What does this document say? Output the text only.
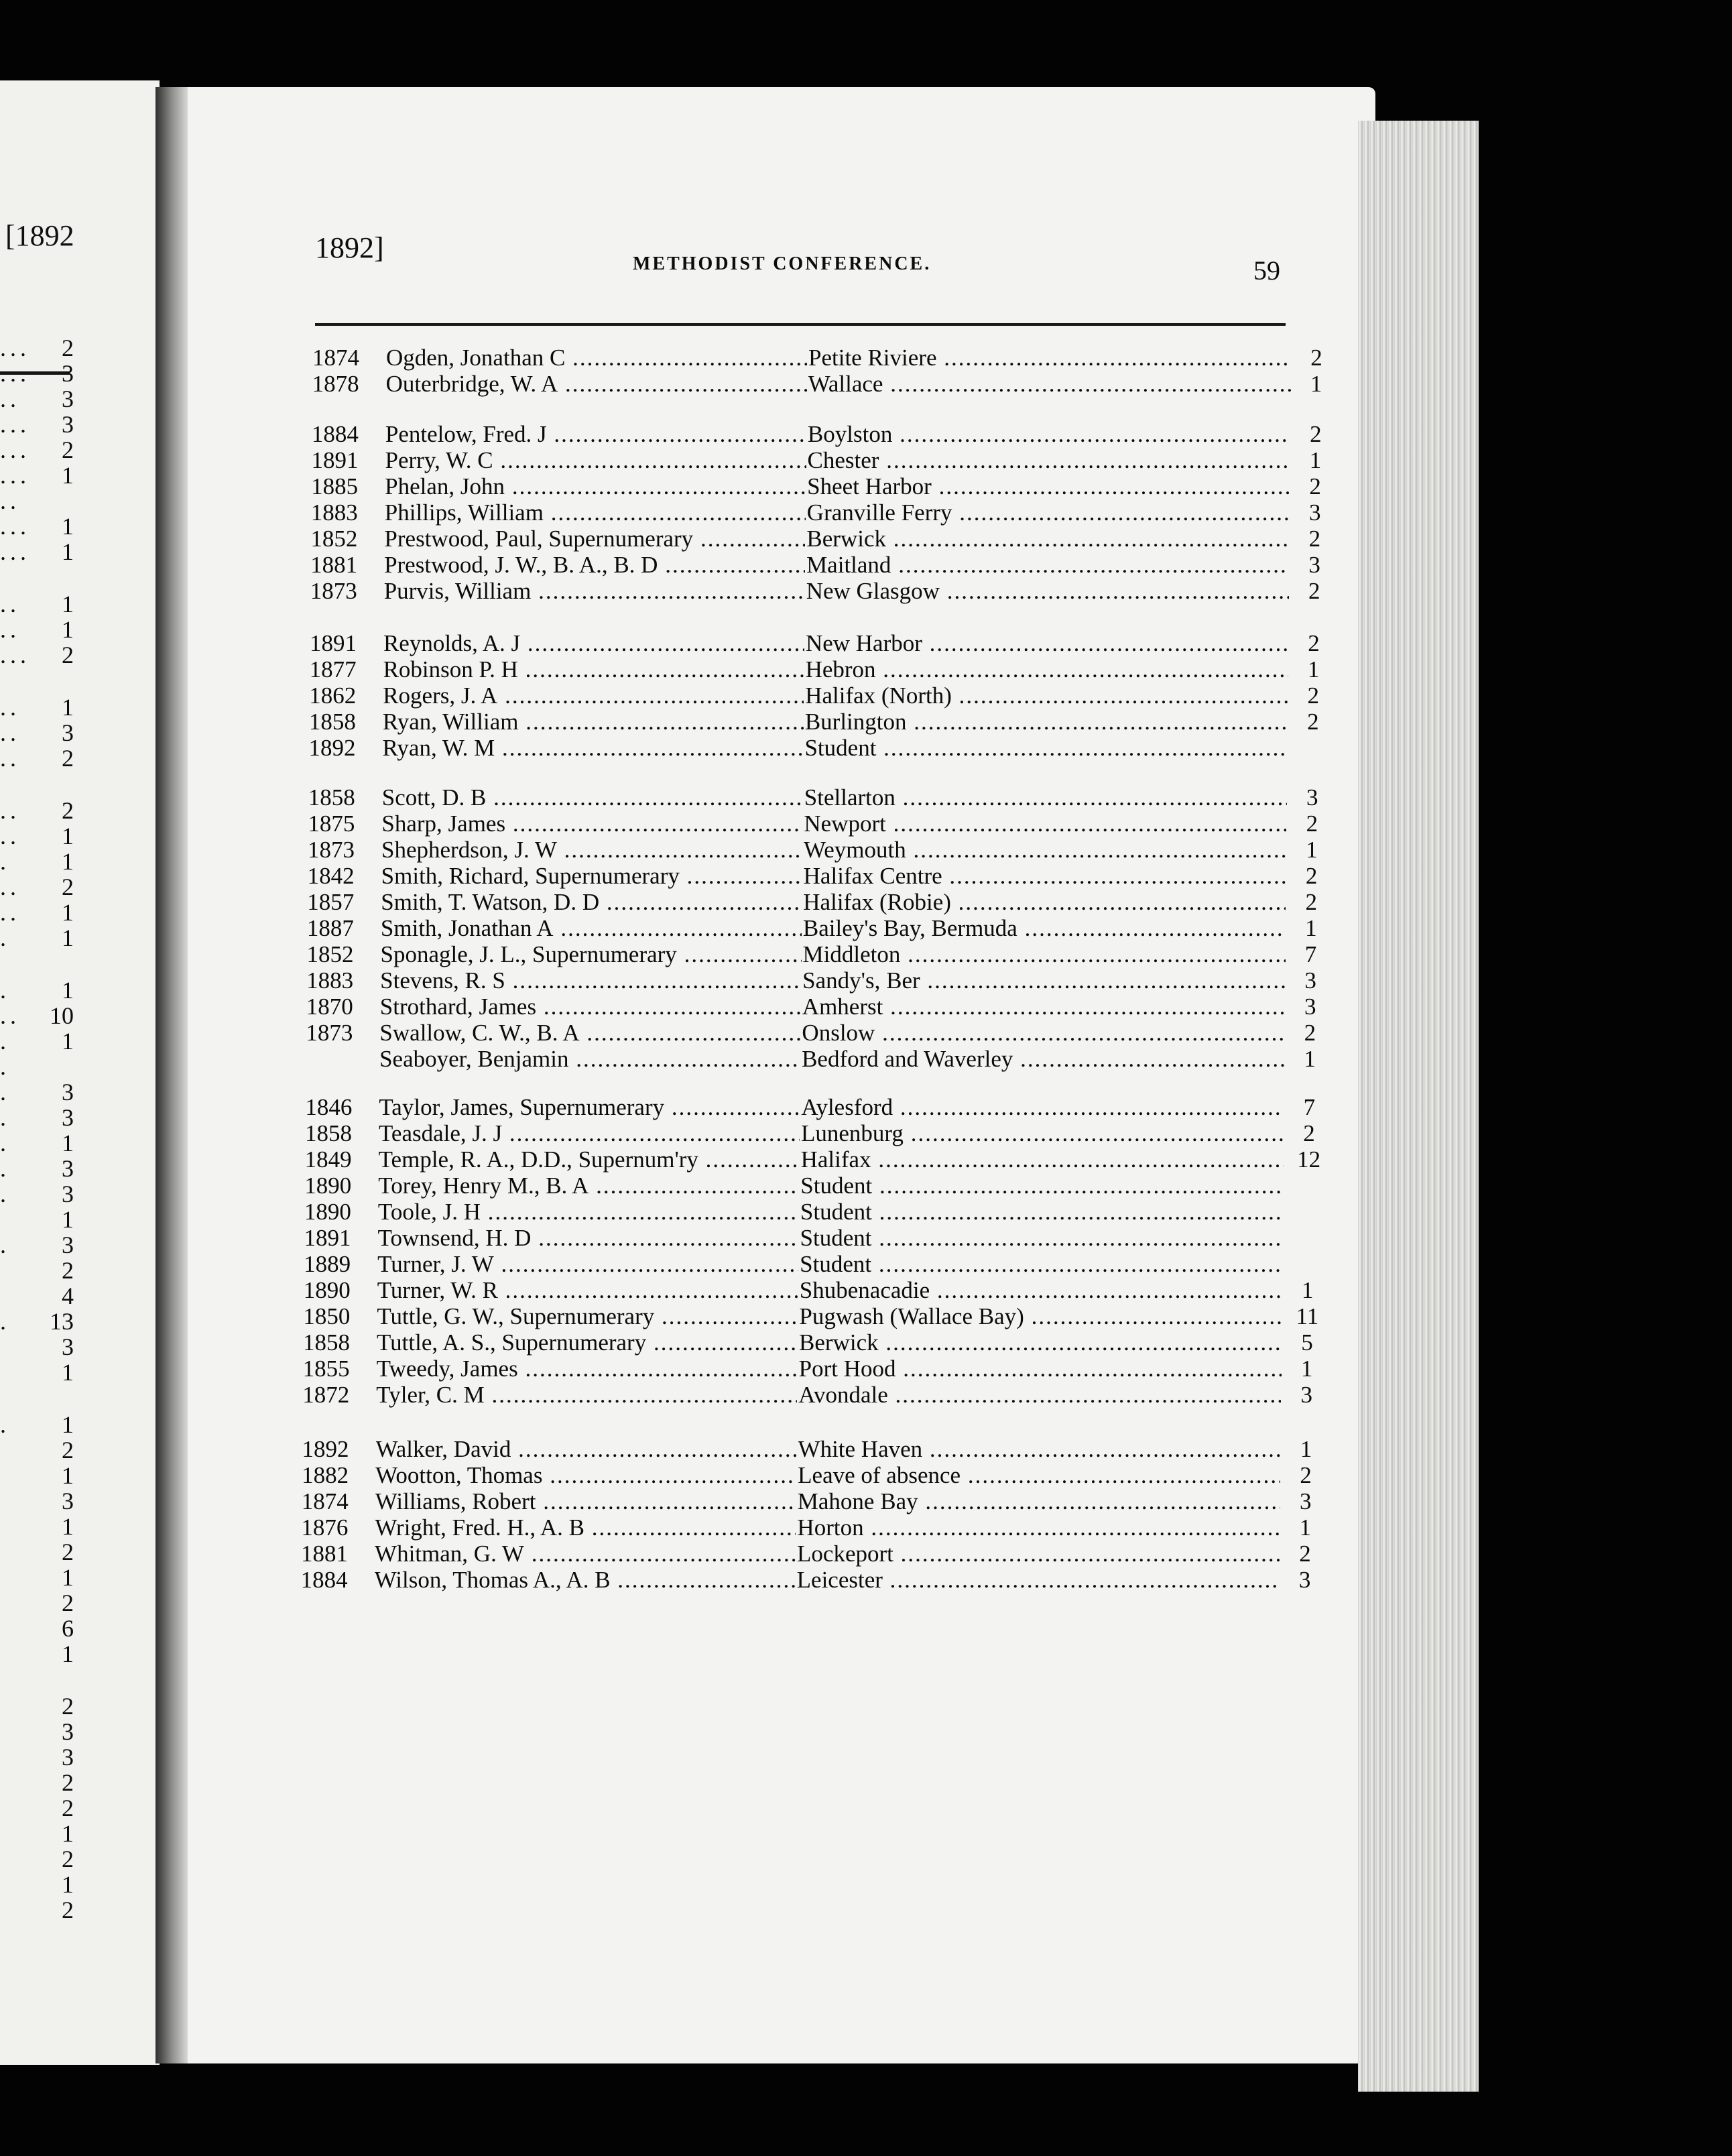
[1892
... 2
... 3
.. 3
... 3
... 2
... 1
..
... 1
... 1
.. 1
.. 1
... 2
.. 1
.. 3
.. 2
.. 2
.. 1
. 1
.. 2
.. 1
. 1
. 1
.. 10
. 1
.
. 3
. 3
. 1
. 3
. 3
1
. 3
2
4
. 13
3
1
. 1
2
1
3
1
2
1
2
6
1
2
3
3
2
2
1
2
1
2
1892]	METHODIST CONFERENCE.	59
1874	Ogden, Jonathan C .....	Petite Riviere .....	2
1878	Outerbridge, W. A .....	Wallace .....	1
1884	Pentelow, Fred. J .....	Boylston .....	2
1891	Perry, W. C .....	Chester .....	1
1885	Phelan, John .....	Sheet Harbor .....	2
1883	Phillips, William .....	Granville Ferry .....	3
1852	Prestwood, Paul, Supernumerary .....	Berwick .....	2
1881	Prestwood, J. W., B. A., B. D .....	Maitland .....	3
1873	Purvis, William .....	New Glasgow .....	2
1891	Reynolds, A. J .....	New Harbor .....	2
1877	Robinson P. H .....	Hebron .....	1
1862	Rogers, J. A .....	Halifax (North) .....	2
1858	Ryan, William .....	Burlington .....	2
1892	Ryan, W. M .....	Student .....
1858	Scott, D. B .....	Stellarton .....	3
1875	Sharp, James .....	Newport .....	2
1873	Shepherdson, J. W .....	Weymouth .....	1
1842	Smith, Richard, Supernumerary .....	Halifax Centre .....	2
1857	Smith, T. Watson, D. D .....	Halifax (Robie) .....	2
1887	Smith, Jonathan A .....	Bailey's Bay, Bermuda .....	1
1852	Sponagle, J. L., Supernumerary .....	Middleton .....	7
1883	Stevens, R. S .....	Sandy's, Ber .....	3
1870	Strothard, James .....	Amherst .....	3
1873	Swallow, C. W., B. A .....	Onslow .....	2
Seaboyer, Benjamin .....	Bedford and Waverley .....	1
1846	Taylor, James, Supernumerary .....	Aylesford .....	7
1858	Teasdale, J. J .....	Lunenburg .....	2
1849	Temple, R. A., D.D., Supernum'ry .....	Halifax .....	12
1890	Torey, Henry M., B. A .....	Student .....
1890	Toole, J. H .....	Student .....
1891	Townsend, H. D .....	Student .....
1889	Turner, J. W .....	Student .....
1890	Turner, W. R .....	Shubenacadie .....	1
1850	Tuttle, G. W., Supernumerary .....	Pugwash (Wallace Bay) .....	11
1858	Tuttle, A. S., Supernumerary .....	Berwick .....	5
1855	Tweedy, James .....	Port Hood .....	1
1872	Tyler, C. M .....	Avondale .....	3
1892	Walker, David .....	White Haven .....	1
1882	Wootton, Thomas .....	Leave of absence .....	2
1874	Williams, Robert .....	Mahone Bay .....	3
1876	Wright, Fred. H., A. B .....	Horton .....	1
1881	Whitman, G. W .....	Lockeport .....	2
1884	Wilson, Thomas A., A. B .....	Leicester .....	3
